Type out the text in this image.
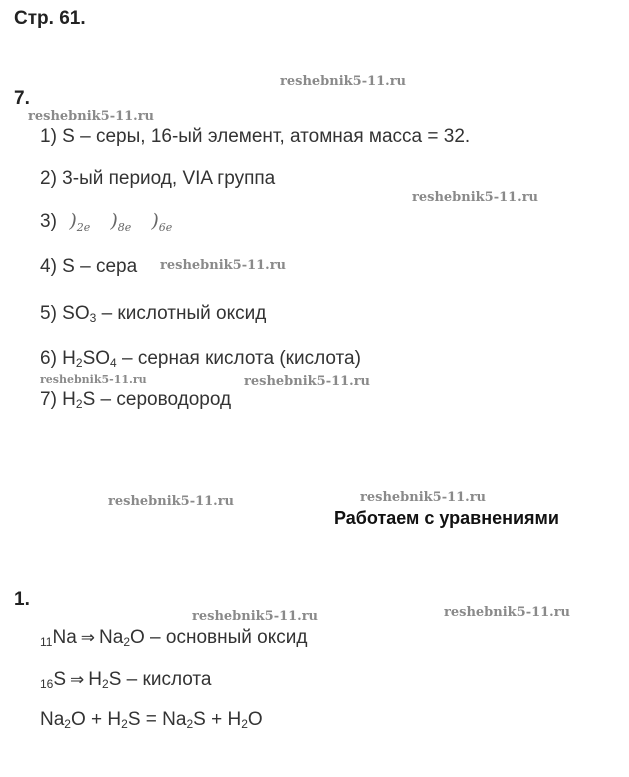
Стр. 61.
reshebnik5-11.ru
7.
reshebnik5-11.ru
1) S – серы, 16-ый элемент, атомная масса = 32.
2) 3-ый период, VIA группа
reshebnik5-11.ru
3) )$_{2e}$ )$_{8e}$ )$_{6e}$
4) S – сера reshebnik5-11.ru
5) $SO_3$ – кислотный оксид
6) $H_2SO_4$ – серная кислота (кислота)
reshebnik5-11.ru	reshebnik5-11.ru
7) $H_2S$ – сероводород
reshebnik5-11.ru	reshebnik5-11.ru
Работаем с уравнениями
1.
reshebnik5-11.ru	reshebnik5-11.ru
$_{11}$Na ⇒ $Na_2O$ – основный оксид
$_{16}$S ⇒ $H_2S$ – кислота
$Na_2O + H_2S = Na_2S + H_2O$
